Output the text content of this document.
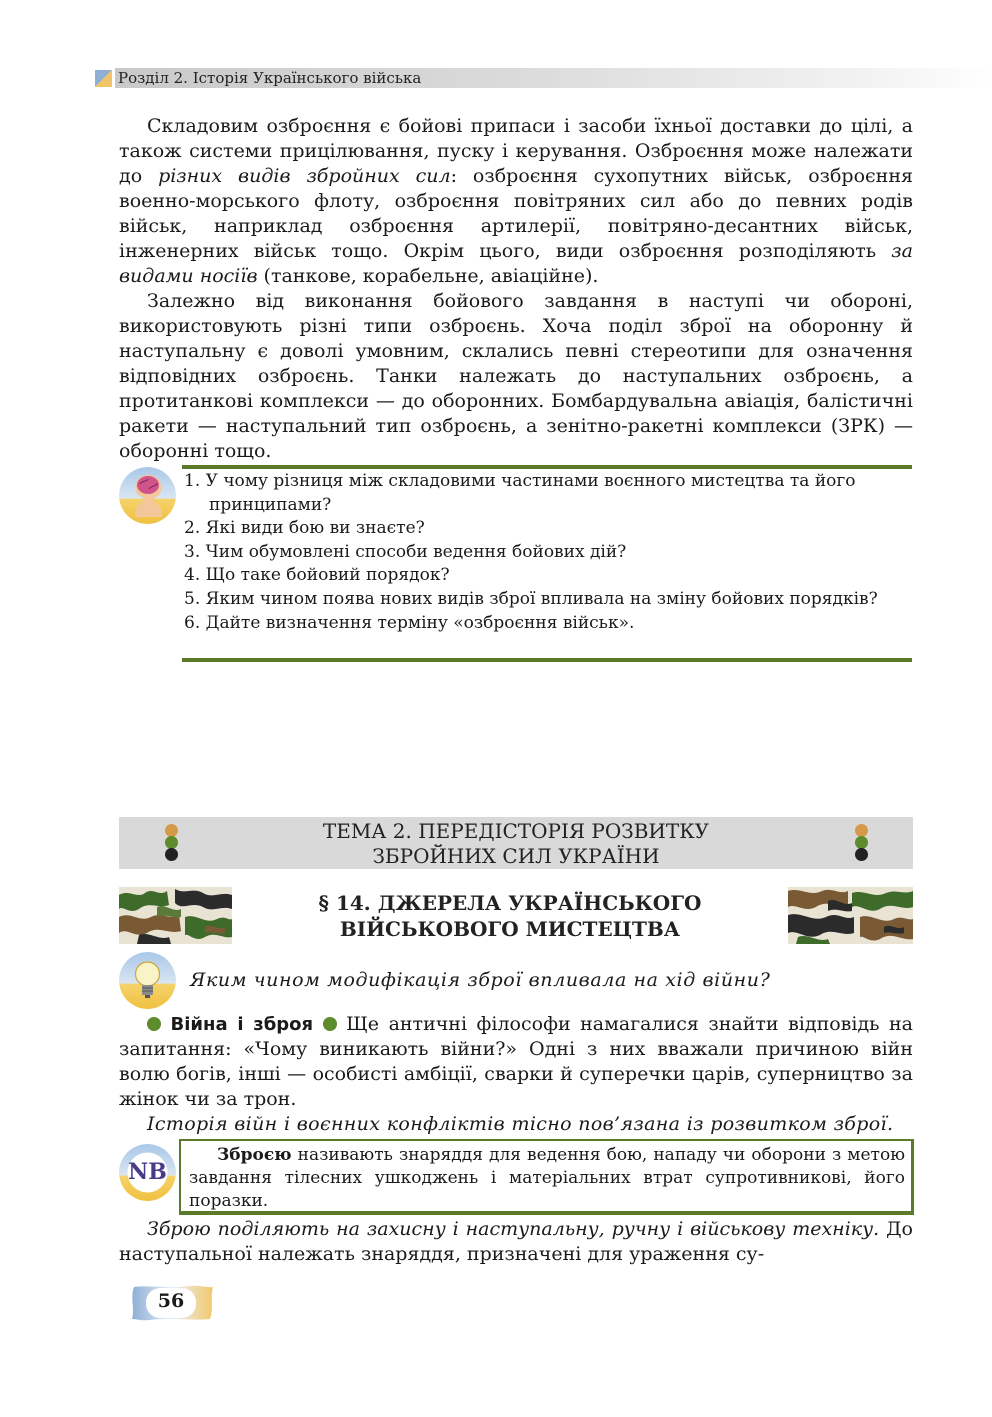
Розділ 2. Історія Українського війська

Складовим озброєння є бойові припаси і засоби їхньої доставки до цілі, а також системи прицілювання, пуску і керування. Озброєння може належати до різних видів збройних сил: озброєння сухопутних військ, озброєння военно-морського флоту, озброєння повітряних сил або до певних родів військ, наприклад озброєння артилерії, повітряно-десантних військ, інженерних військ тощо. Окрім цього, види озброєння розподіляють за видами носіїв (танкове, корабельне, авіаційне).

Залежно від виконання бойового завдання в наступі чи обороні, використовують різні типи озброєнь. Хоча поділ зброї на оборонну й наступальну є доволі умовним, склались певні стереотипи для означення відповідних озброєнь. Танки належать до наступальних озброєнь, а протитанкові комплекси — до оборонних. Бомбардувальна авіація, балістичні ракети — наступальний тип озброєнь, а зенітно-ракетні комплекси (ЗРК) — оборонні тощо.

1. У чому різниця між складовими частинами воєнного мистецтва та його принципами?
2. Які види бою ви знаєте?
3. Чим обумовлені способи ведення бойових дій?
4. Що таке бойовий порядок?
5. Яким чином поява нових видів зброї впливала на зміну бойових порядків?
6. Дайте визначення терміну «озброєння військ».
ТЕМА 2. ПЕРЕДІСТОРІЯ РОЗВИТКУ
ЗБРОЙНИХ СИЛ УКРАЇНИ
§ 14. ДЖЕРЕЛА УКРАЇНСЬКОГО
ВІЙСЬКОВОГО МИСТЕЦТВА
Яким чином модифікація зброї впливала на хід війни?

Війна і зброя  Ще античні філософи намагалися знайти відповідь на запитання: «Чому виникають війни?» Одні з них вважали причиною війн волю богів, інші — особисті амбіції, сварки й суперечки царів, суперництво за жінок чи за трон.

Історія війн і воєнних конфліктів тісно пов’язана із розвитком зброї.

NB
Зброєю називають знаряддя для ведення бою, нападу чи оборони з метою завдання тілесних ушкоджень і матеріальних втрат супротивникові, його поразки.

Зброю поділяють на захисну і наступальну, ручну і військову техніку. До наступальної належать знаряддя, призначені для ураження су-

56
